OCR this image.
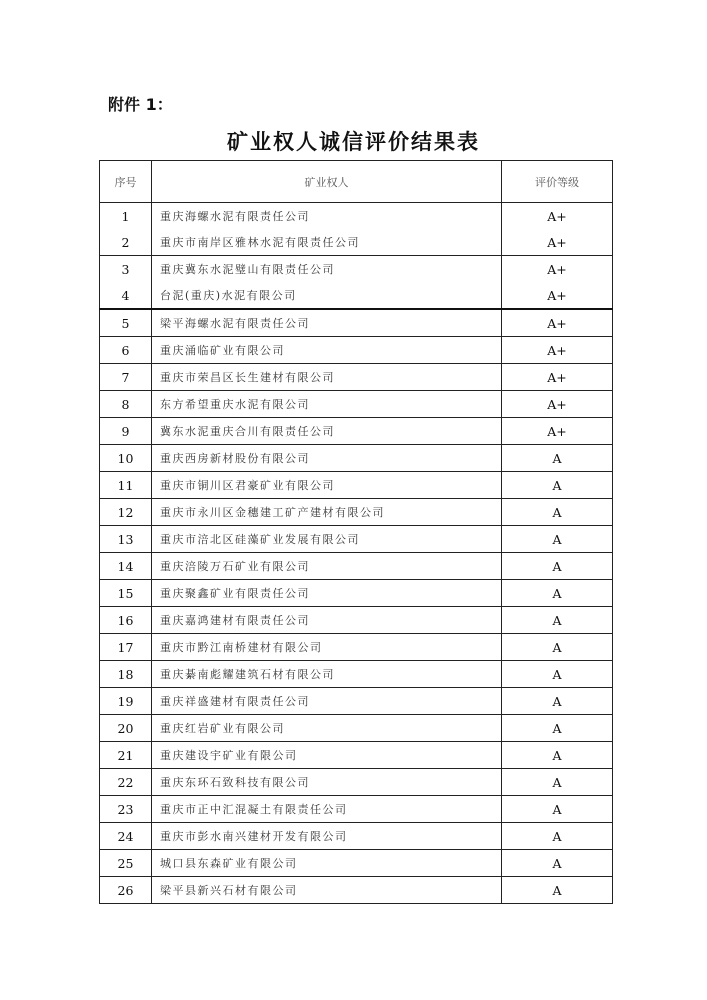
附件 1：
矿业权人诚信评价结果表
序号	矿业权人	评价等级
1	重庆海螺水泥有限责任公司	A+
2	重庆市南岸区雅林水泥有限责任公司	A+
3	重庆冀东水泥璧山有限责任公司	A+
4	台泥(重庆)水泥有限公司	A+
5	梁平海螺水泥有限责任公司	A+
6	重庆涌临矿业有限公司	A+
7	重庆市荣昌区长生建材有限公司	A+
8	东方希望重庆水泥有限公司	A+
9	冀东水泥重庆合川有限责任公司	A+
10	重庆西房新材股份有限公司	A
11	重庆市铜川区君豪矿业有限公司	A
12	重庆市永川区金穗建工矿产建材有限公司	A
13	重庆市涪北区硅藻矿业发展有限公司	A
14	重庆涪陵万石矿业有限公司	A
15	重庆聚鑫矿业有限责任公司	A
16	重庆嘉鸿建材有限责任公司	A
17	重庆市黔江南桥建材有限公司	A
18	重庆綦南彪耀建筑石材有限公司	A
19	重庆祥盛建材有限责任公司	A
20	重庆红岩矿业有限公司	A
21	重庆建设宇矿业有限公司	A
22	重庆东环石致科技有限公司	A
23	重庆市正中汇混凝土有限责任公司	A
24	重庆市彭水南兴建材开发有限公司	A
25	城口县东森矿业有限公司	A
26	梁平县新兴石材有限公司	A
